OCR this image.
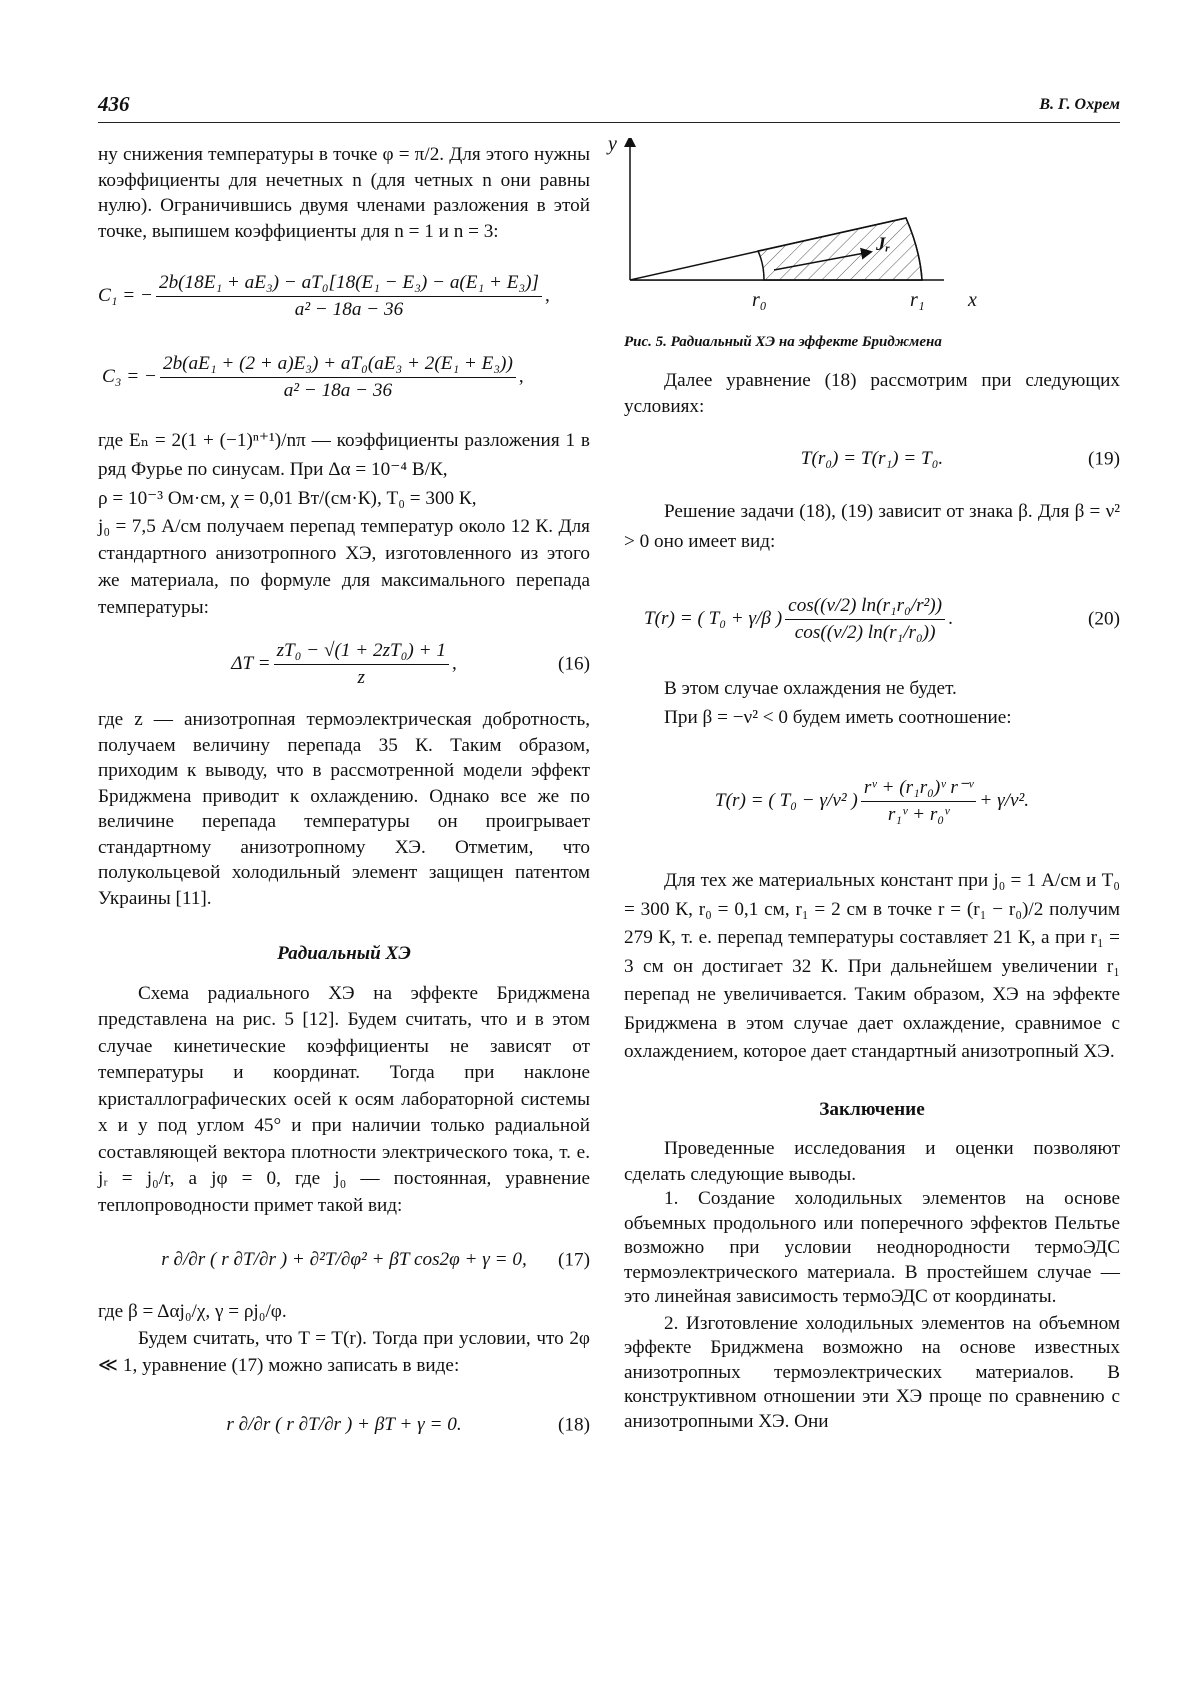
436	В. Г. Охрем

ну снижения температуры в точке φ = π/2. Для этого нужны коэффициенты для нечетных n (для четных n они равны нулю). Ограничившись двумя членами разложения в этой точке, выпишем коэффициенты для n = 1 и n = 3:

C₁ = − $\frac{\text{2b(18E₁ + aE₃) − aT₀[18(E₁ − E₃) − a(E₁ + E₃)]}}{\text{a² − 18a − 36}}$ ,
C₃ = − $\frac{\text{2b(aE₁ + (2 + a)E₃) + aT₀(aE₃ + 2(E₁ + E₃))}}{\text{a² − 18a − 36}}$ ,

где Eₙ = 2(1 + (−1)ⁿ⁺¹)/nπ — коэффициенты разложения 1 в ряд Фурье по синусам. При Δα = 10⁻⁴ В/К,

ρ = 10⁻³ Ом·см, χ = 0,01 Вт/(см·К), T₀ = 300 К,

j₀ = 7,5 А/см получаем перепад температур около 12 К. Для стандартного анизотропного ХЭ, изготовленного из этого же материала, по формуле для максимального перепада температуры:

$\Delta T = \frac{\text{zT₀ − √(1 + 2zT₀) + 1}}{z}$ ,	(16)

где z — анизотропная термоэлектрическая добротность, получаем величину перепада 35 К. Таким образом, приходим к выводу, что в рассмотренной модели эффект Бриджмена приводит к охлаждению. Однако все же по величине перепада температуры он проигрывает стандартному анизотропному ХЭ. Отметим, что полукольцевой холодильный элемент защищен патентом Украины [11].

Радиальный ХЭ

Схема радиального ХЭ на эффекте Бриджмена представлена на рис. 5 [12]. Будем считать, что и в этом случае кинетические коэффициенты не зависят от температуры и координат. Тогда при наклоне кристаллографических осей к осям лабораторной системы x и y под углом 45° и при наличии только радиальной составляющей вектора плотности электрического тока, т. е. jᵣ = j₀/r, а jφ = 0, где j₀ — постоянная, уравнение теплопроводности примет такой вид:

r ∂/∂r ( r ∂T/∂r ) + ∂²T/∂φ² + βT cos2φ + γ = 0, (17)

где β = Δαj₀/χ, γ = ρj₀/φ.

Будем считать, что T = T(r). Тогда при условии, что 2φ ≪ 1, уравнение (17) можно записать в виде:

r ∂/∂r ( r ∂T/∂r ) + βT + γ = 0.	(18)
y
x
r₀	r₁
Jᵣ

Рис. 5. Радиальный ХЭ на эффекте Бриджмена

Далее уравнение (18) рассмотрим при следующих условиях:

T(r₀) = T(r₁) = T₀.	(19)

Решение задачи (18), (19) зависит от знака β. Для β = ν² > 0 оно имеет вид:

T(r) = ( T₀ + γ/β ) $\frac{\text{cos((ν/2) ln(r₁r₀/r²))}}{\text{cos((ν/2) ln(r₁/r₀))}}$ .	(20)

В этом случае охлаждения не будет.

При β = −ν² < 0 будем иметь соотношение:

T(r) = ( T₀ − γ/ν² ) $\frac{\text{rᵛ + (r₁r₀)ᵛ r⁻ᵛ}}{\text{r₁ᵛ + r₀ᵛ}} + \gamma/\nu^2$.

Для тех же материальных констант при j₀ = 1 А/см и T₀ = 300 К, r₀ = 0,1 см, r₁ = 2 см в точке r = (r₁ − r₀)/2 получим 279 К, т. е. перепад температуры составляет 21 К, а при r₁ = 3 см он достигает 32 К. При дальнейшем увеличении r₁ перепад не увеличивается. Таким образом, ХЭ на эффекте Бриджмена в этом случае дает охлаждение, сравнимое с охлаждением, которое дает стандартный анизотропный ХЭ.

Заключение

Проведенные исследования и оценки позволяют сделать следующие выводы.

1. Создание холодильных элементов на основе объемных продольного или поперечного эффектов Пельтье возможно при условии неоднородности термоЭДС термоэлектрического материала. В простейшем случае — это линейная зависимость термоЭДС от координаты.

2. Изготовление холодильных элементов на объемном эффекте Бриджмена возможно на основе известных анизотропных термоэлектрических материалов. В конструктивном отношении эти ХЭ проще по сравнению с анизотропными ХЭ. Они
